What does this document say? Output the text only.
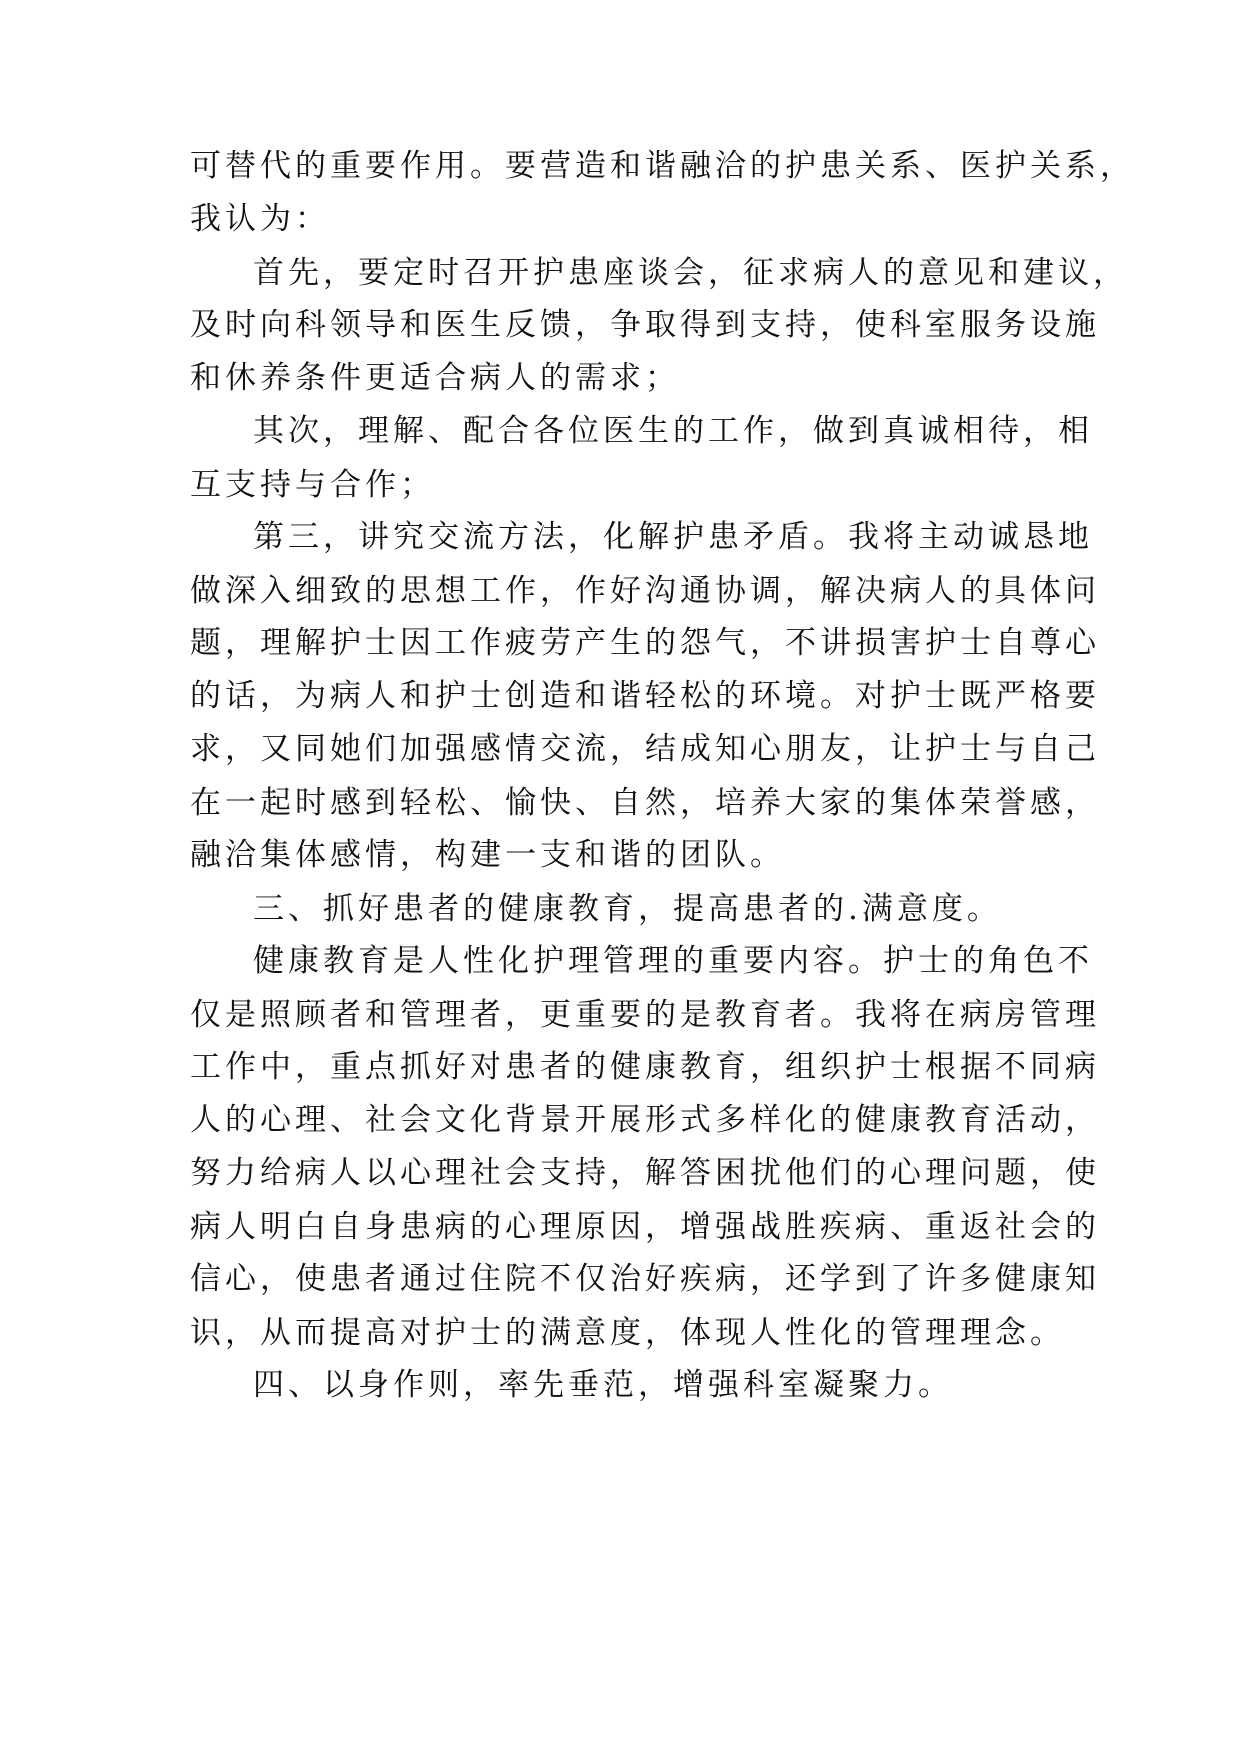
可替代的重要作用。要营造和谐融洽的护患关系、医护关系，
我认为：
首先，要定时召开护患座谈会，征求病人的意见和建议，
及时向科领导和医生反馈，争取得到支持，使科室服务设施
和休养条件更适合病人的需求；
其次，理解、配合各位医生的工作，做到真诚相待，相
互支持与合作；
第三，讲究交流方法，化解护患矛盾。我将主动诚恳地
做深入细致的思想工作，作好沟通协调，解决病人的具体问
题，理解护士因工作疲劳产生的怨气，不讲损害护士自尊心
的话，为病人和护士创造和谐轻松的环境。对护士既严格要
求，又同她们加强感情交流，结成知心朋友，让护士与自己
在一起时感到轻松、愉快、自然，培养大家的集体荣誉感，
融洽集体感情，构建一支和谐的团队。
三、抓好患者的健康教育，提高患者的.满意度。
健康教育是人性化护理管理的重要内容。护士的角色不
仅是照顾者和管理者，更重要的是教育者。我将在病房管理
工作中，重点抓好对患者的健康教育，组织护士根据不同病
人的心理、社会文化背景开展形式多样化的健康教育活动，
努力给病人以心理社会支持，解答困扰他们的心理问题，使
病人明白自身患病的心理原因，增强战胜疾病、重返社会的
信心，使患者通过住院不仅治好疾病，还学到了许多健康知
识，从而提高对护士的满意度，体现人性化的管理理念。
四、以身作则，率先垂范，增强科室凝聚力。
